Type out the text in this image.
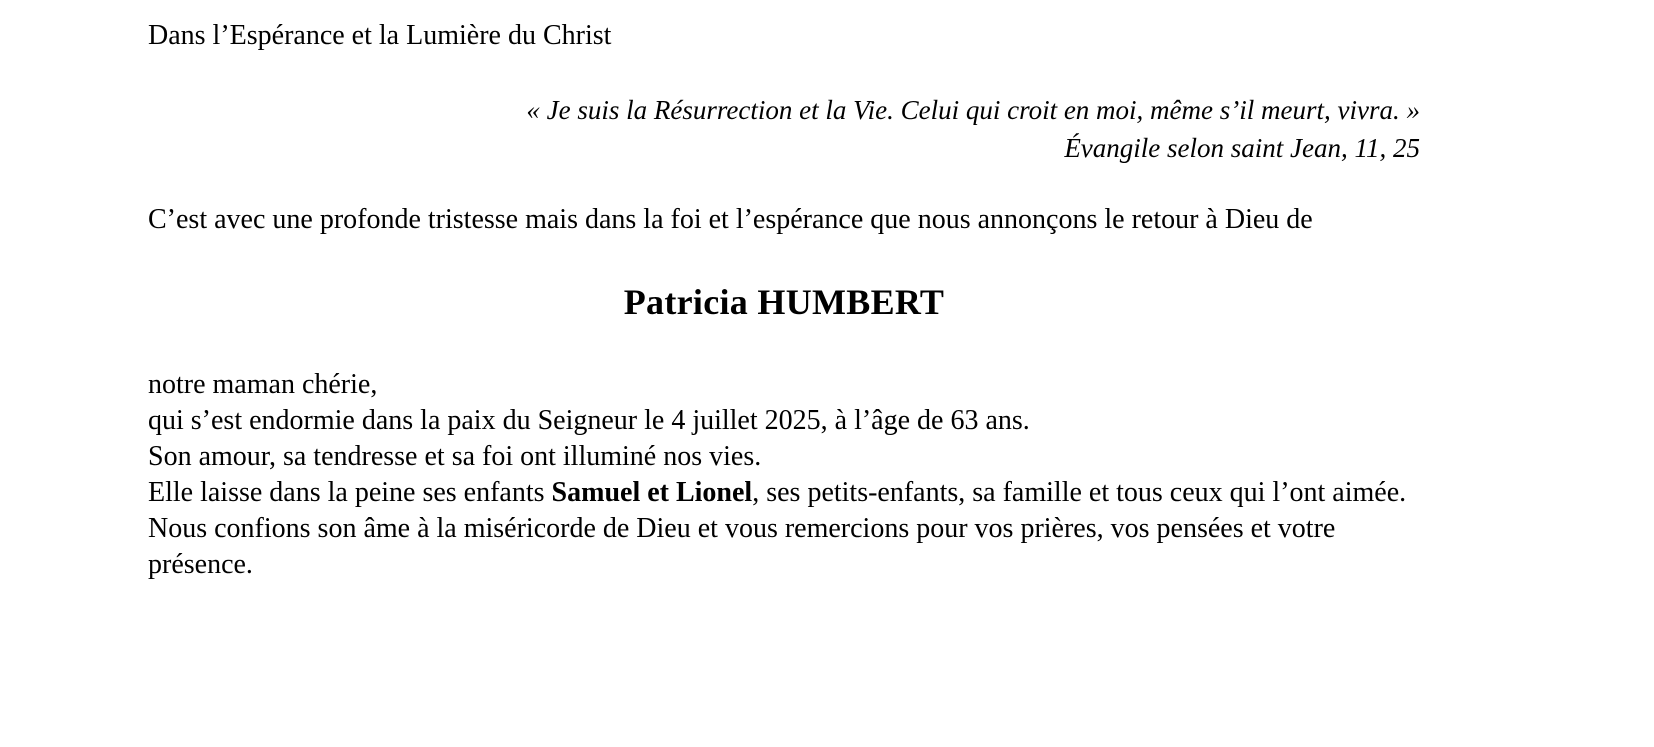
Dans l’Espérance et la Lumière du Christ
« Je suis la Résurrection et la Vie. Celui qui croit en moi, même s’il meurt, vivra. »
Évangile selon saint Jean, 11, 25
C’est avec une profonde tristesse mais dans la foi et l’espérance que nous annonçons le retour à Dieu de
Patricia HUMBERT

notre maman chérie,

qui s’est endormie dans la paix du Seigneur le 4 juillet 2025, à l’âge de 63 ans.

Son amour, sa tendresse et sa foi ont illuminé nos vies.

Elle laisse dans la peine ses enfants Samuel et Lionel, ses petits-enfants, sa famille et tous ceux qui l’ont aimée.

Nous confions son âme à la miséricorde de Dieu et vous remercions pour vos prières, vos pensées et votre présence.
